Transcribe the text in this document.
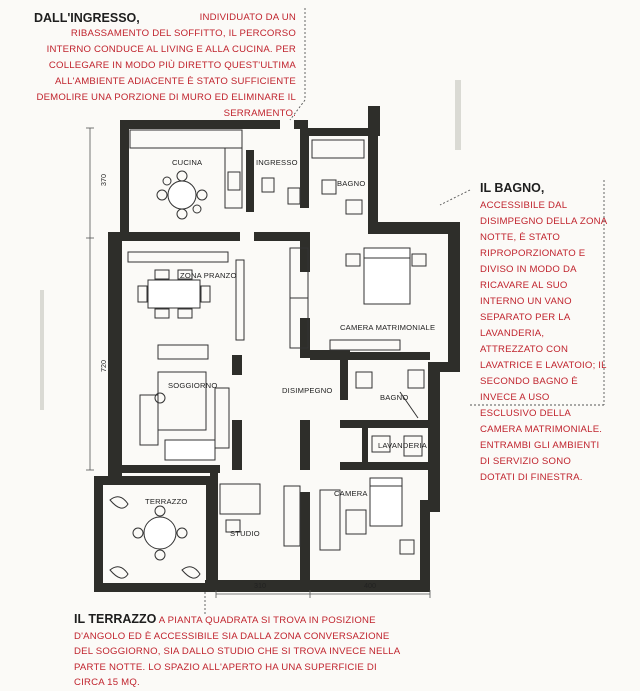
DALL'INGRESSO,	INDIVIDUATO DA UN RIBASSAMENTO DEL SOFFITTO, IL PERCORSO INTERNO CONDUCE AL LIVING E ALLA CUCINA. PER COLLEGARE IN MODO PIÙ DIRETTO QUEST'ULTIMA ALL'AMBIENTE ADIACENTE È STATO SUFFICIENTE DEMOLIRE UNA PORZIONE DI MURO ED ELIMINARE IL SERRAMENTO.

IL BAGNO, ACCESSIBILE DAL DISIMPEGNO DELLA ZONA NOTTE, È STATO RIPROPORZIONATO E DIVISO IN MODO DA RICAVARE AL SUO INTERNO UN VANO SEPARATO PER LA LAVANDERIA, ATTREZZATO CON LAVATRICE E LAVATOIO; IL SECONDO BAGNO È INVECE A USO ESCLUSIVO DELLA CAMERA MATRIMONIALE. ENTRAMBI GLI AMBIENTI DI SERVIZIO SONO DOTATI DI FINESTRA.

IL TERRAZZO A PIANTA QUADRATA SI TROVA IN POSIZIONE D'ANGOLO ED È ACCESSIBILE SIA DALLA ZONA CONVERSAZIONE DEL SOGGIORNO, SIA DALLO STUDIO CHE SI TROVA INVECE NELLA PARTE NOTTE. LO SPAZIO ALL'APERTO HA UNA SUPERFICIE DI CIRCA 15 MQ.

370
720
310	400
CUCINA	INGRESSO
BAGNO
ZONA PRANZO
CAMERA MATRIMONIALE
SOGGIORNO
DISIMPEGNO
BAGNO
LAVANDERIA
TERRAZZO
CAMERA
STUDIO
